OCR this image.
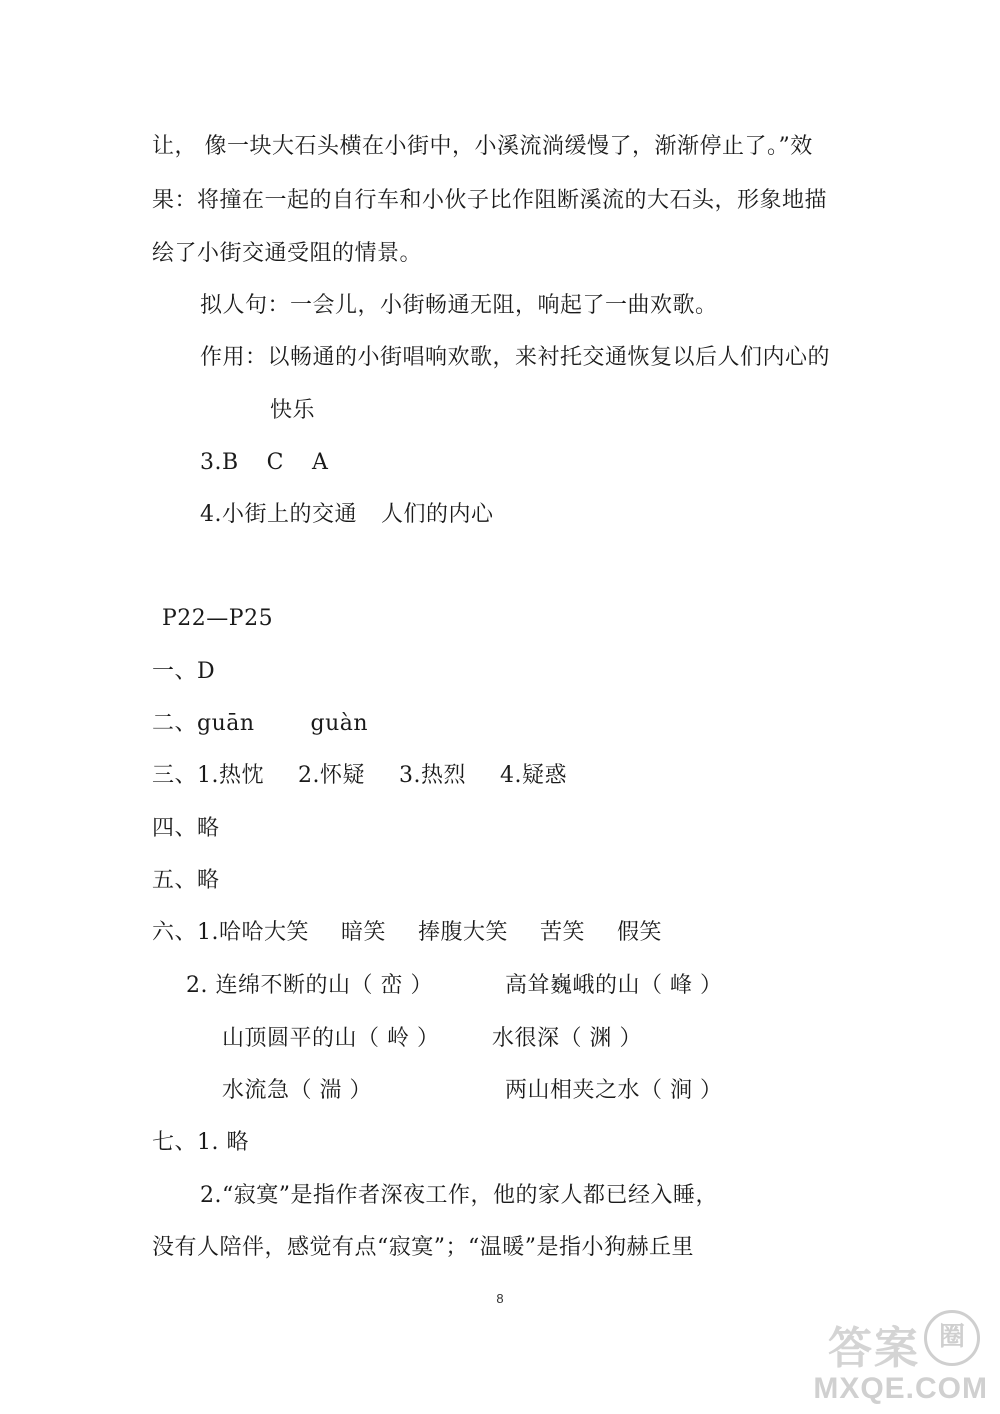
让， 像一块大石头横在小街中，小溪流淌缓慢了，渐渐停止了。”效
果：将撞在一起的自行车和小伙子比作阻断溪流的大石头，形象地描
绘了小街交通受阻的情景。
拟人句：一会儿，小街畅通无阻，响起了一曲欢歌。
作用：以畅通的小街唱响欢歌，来衬托交通恢复以后人们内心的
快乐
3.B C A
4.小街上的交通 人们的内心
P22—P25
一、D
二、guān	guàn
三、1.热忱 2.怀疑 3.热烈 4.疑惑
四、略
五、略
六、1.哈哈大笑 暗笑 捧腹大笑 苦笑 假笑
2. 连绵不断的山（ 峦 ）	高耸巍峨的山（ 峰 ）
山顶圆平的山（ 岭 ） 水很深（ 渊 ）
水流急（ 湍 ）	两山相夹之水（ 涧 ）
七、1. 略
2.“寂寞”是指作者深夜工作，他的家人都已经入睡，
没有人陪伴，感觉有点“寂寞”；“温暖”是指小狗赫丘里
8
答案 圈
MXQE.COM
